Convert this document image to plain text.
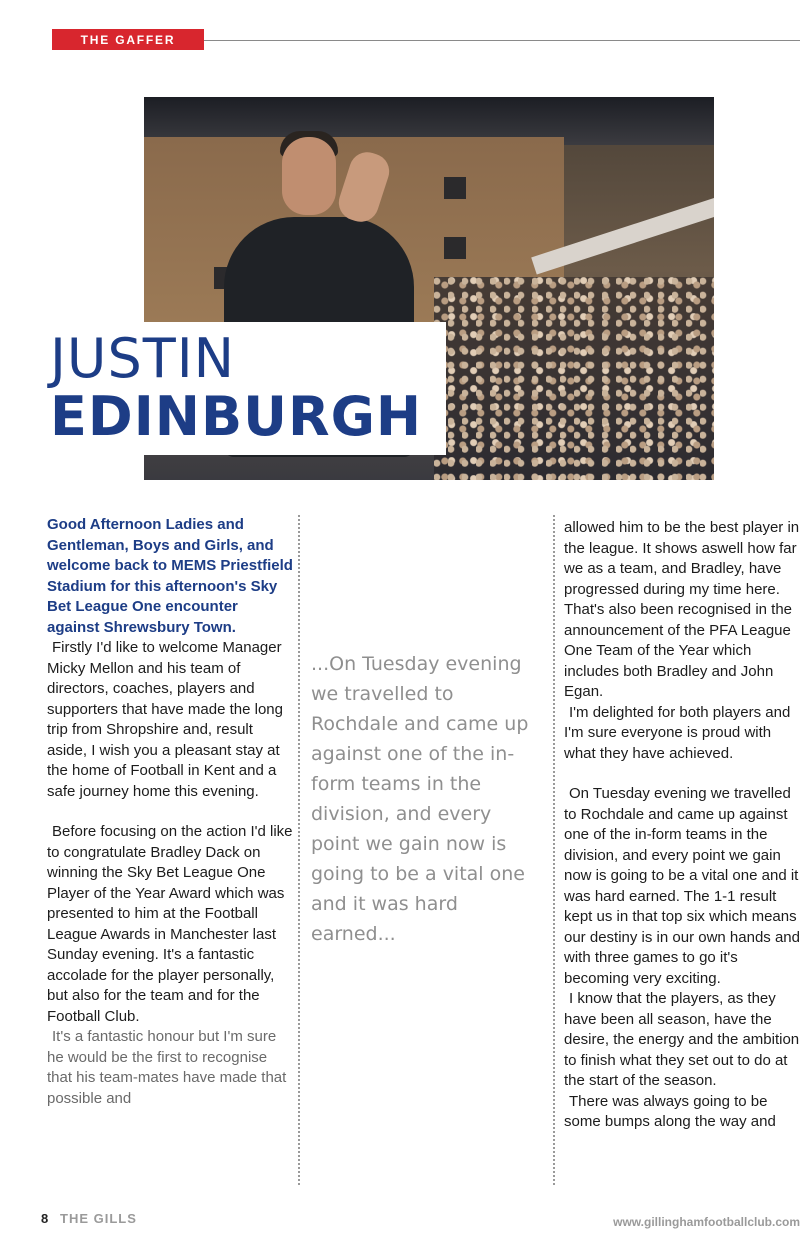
THE GAFFER
JUSTIN
EDINBURGH

Good Afternoon Ladies and Gentleman, Boys and Girls, and welcome back to MEMS Priestfield Stadium for this afternoon's Sky Bet League One encounter against Shrewsbury Town.

Firstly I'd like to welcome Manager Micky Mellon and his team of directors, coaches, players and supporters that have made the long trip from Shropshire and, result aside, I wish you a pleasant stay at the home of Football in Kent and a safe journey home this evening.

Before focusing on the action I'd like to congratulate Bradley Dack on winning the Sky Bet League One Player of the Year Award which was presented to him at the Football League Awards in Manchester last Sunday evening. It's a fantastic accolade for the player personally, but also for the team and for the Football Club.

It's a fantastic honour but I'm sure he would be the first to recognise that his team-mates have made that possible and

...On Tuesday evening we travelled to Rochdale and came up against one of the in-form teams in the division, and every point we gain now is going to be a vital one and it was hard earned...

allowed him to be the best player in the league. It shows aswell how far we as a team, and Bradley, have progressed during my time here. That's also been recognised in the announcement of the PFA League One Team of the Year which includes both Bradley and John Egan.

I'm delighted for both players and I'm sure everyone is proud with what they have achieved.

On Tuesday evening we travelled to Rochdale and came up against one of the in-form teams in the division, and every point we gain now is going to be a vital one and it was hard earned. The 1-1 result kept us in that top six which means our destiny is in our own hands and with three games to go it's becoming very exciting.

I know that the players, as they have been all season, have the desire, the energy and the ambition to finish what they set out to do at the start of the season.

There was always going to be some bumps along the way and

8 THE GILLS	www.gillinghamfootballclub.com
